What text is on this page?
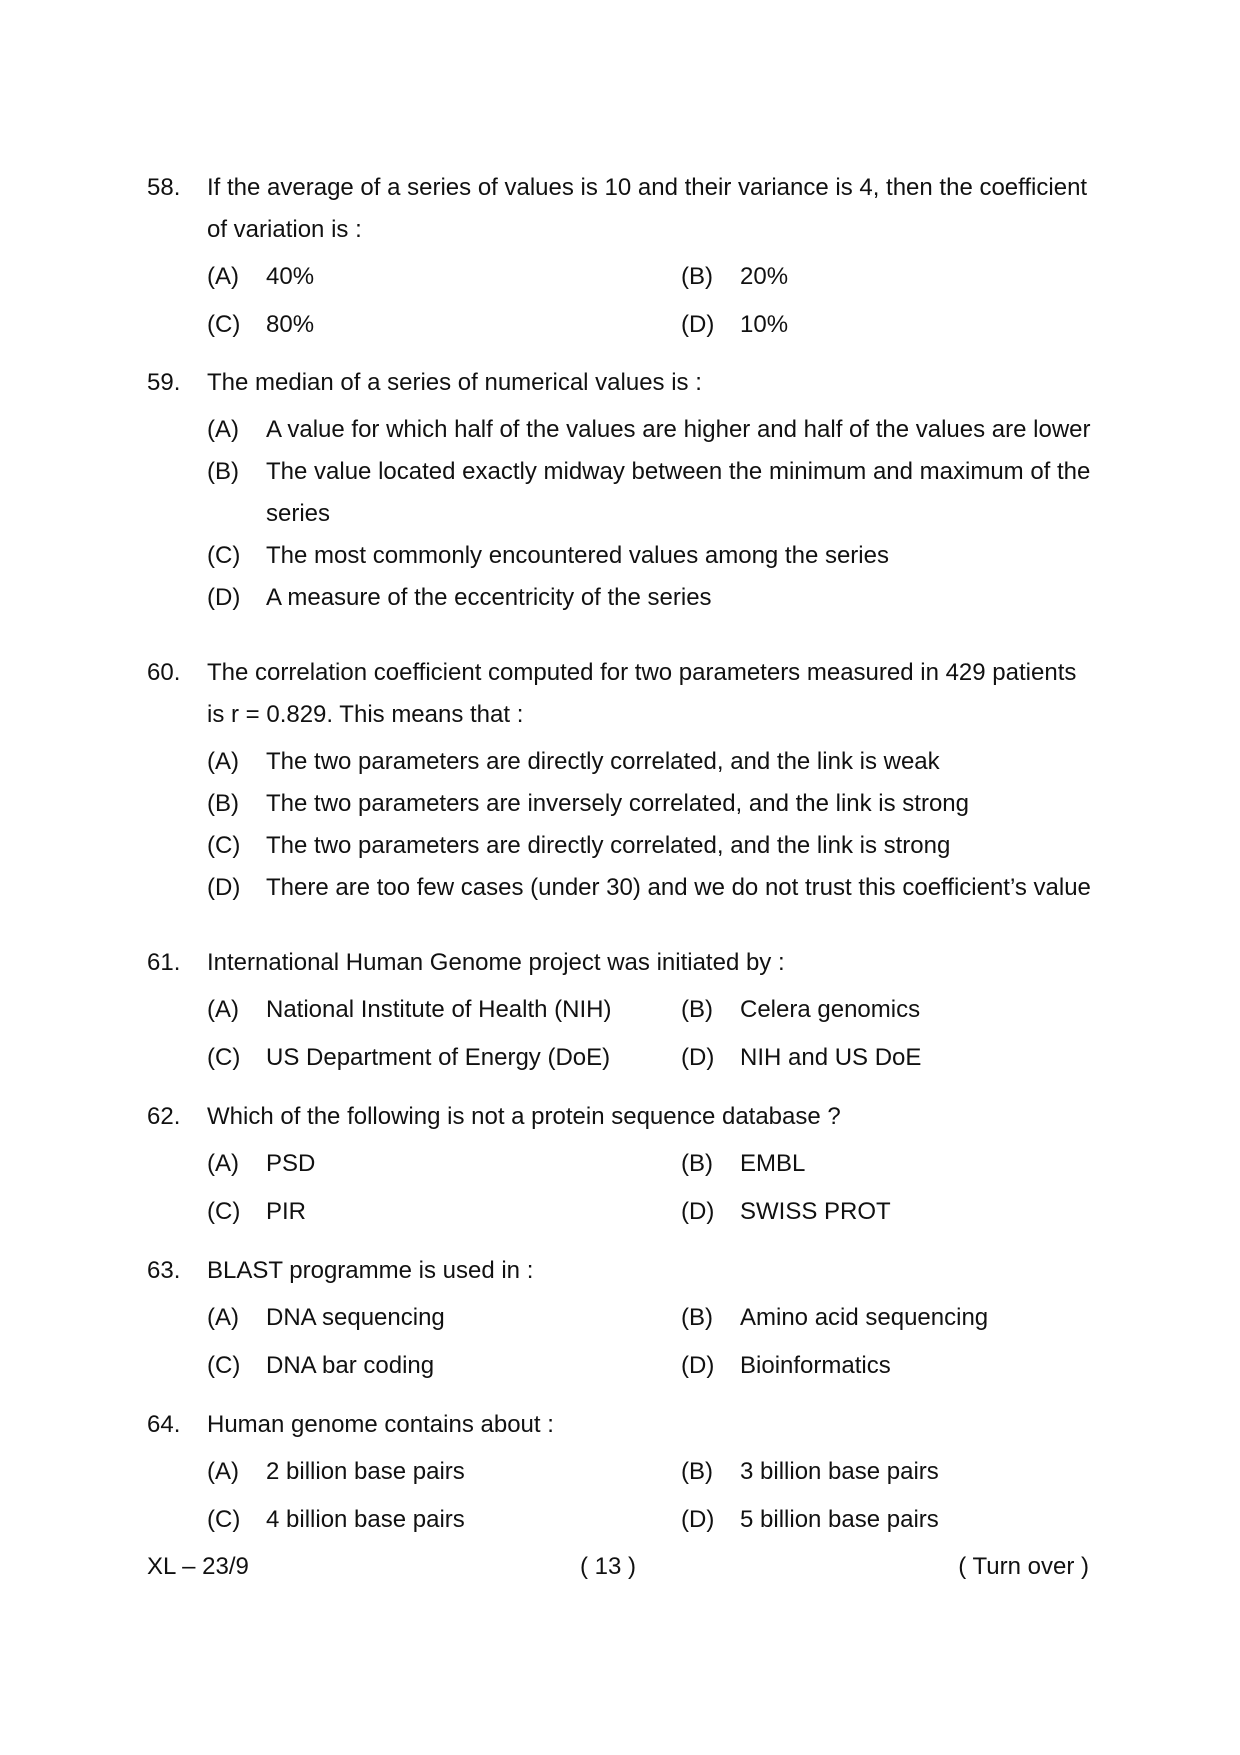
58.	If the average of a series of values is 10 and their variance is 4, then the coefficient of variation is :
(A)	40%	(B)	20%
(C)	80%	(D)	10%
59.	The median of a series of numerical values is :
(A)	A value for which half of the values are higher and half of the values are lower
(B)	The value located exactly midway between the minimum and maximum of the series
(C)	The most commonly encountered values among the series
(D)	A measure of the eccentricity of the series
60.	The correlation coefficient computed for two parameters measured in 429 patients is r = 0.829. This means that :
(A)	The two parameters are directly correlated, and the link is weak
(B)	The two parameters are inversely correlated, and the link is strong
(C)	The two parameters are directly correlated, and the link is strong
(D)	There are too few cases (under 30) and we do not trust this coefficient’s value
61.	International Human Genome project was initiated by :
(A)	National Institute of Health (NIH)	(B)	Celera genomics
(C)	US Department of Energy (DoE)	(D)	NIH and US DoE
62.	Which of the following is not a protein sequence database ?
(A)	PSD	(B)	EMBL
(C)	PIR	(D)	SWISS PROT
63.	BLAST programme is used in :
(A)	DNA sequencing	(B)	Amino acid sequencing
(C)	DNA bar coding	(D)	Bioinformatics
64.	Human genome contains about :
(A)	2 billion base pairs	(B)	3 billion base pairs
(C)	4 billion base pairs	(D)	5 billion base pairs
XL – 23/9	( 13 )	( Turn over )
